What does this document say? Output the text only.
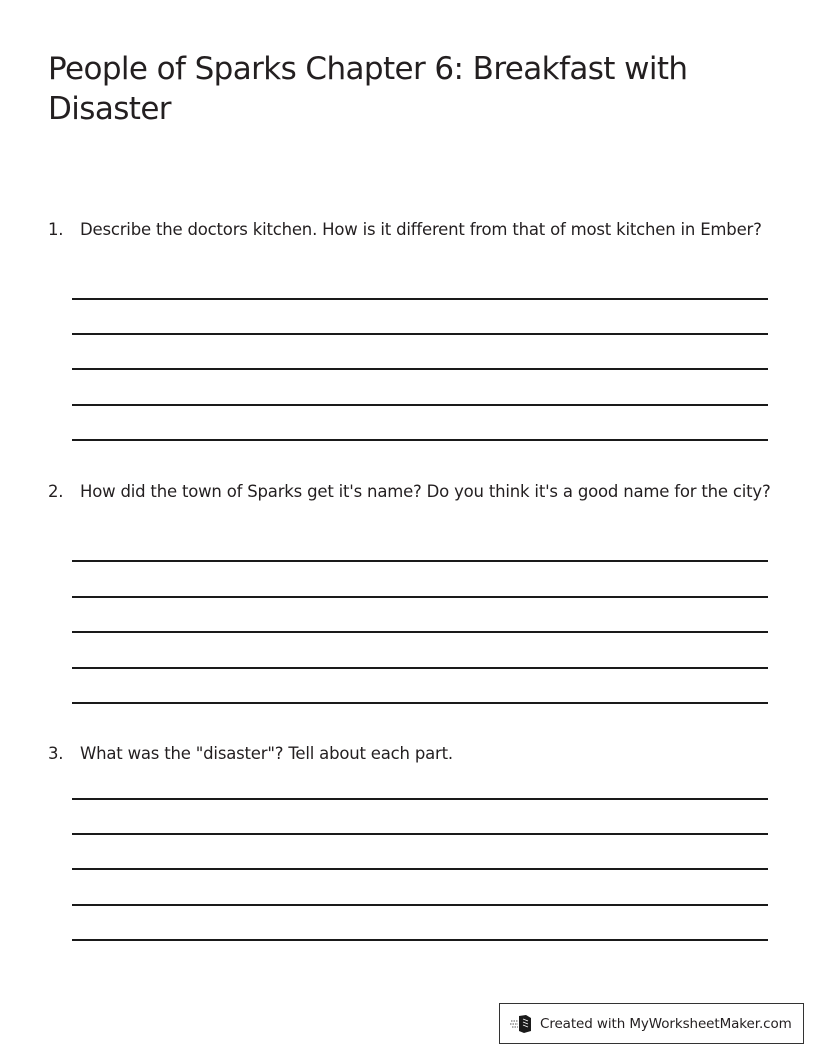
People of Sparks Chapter 6: Breakfast with Disaster
1.	Describe the doctors kitchen. How is it different from that of most kitchen in Ember?
2.	How did the town of Sparks get it's name? Do you think it's a good name for the city?
3.	What was the "disaster"? Tell about each part.
Created with MyWorksheetMaker.com
